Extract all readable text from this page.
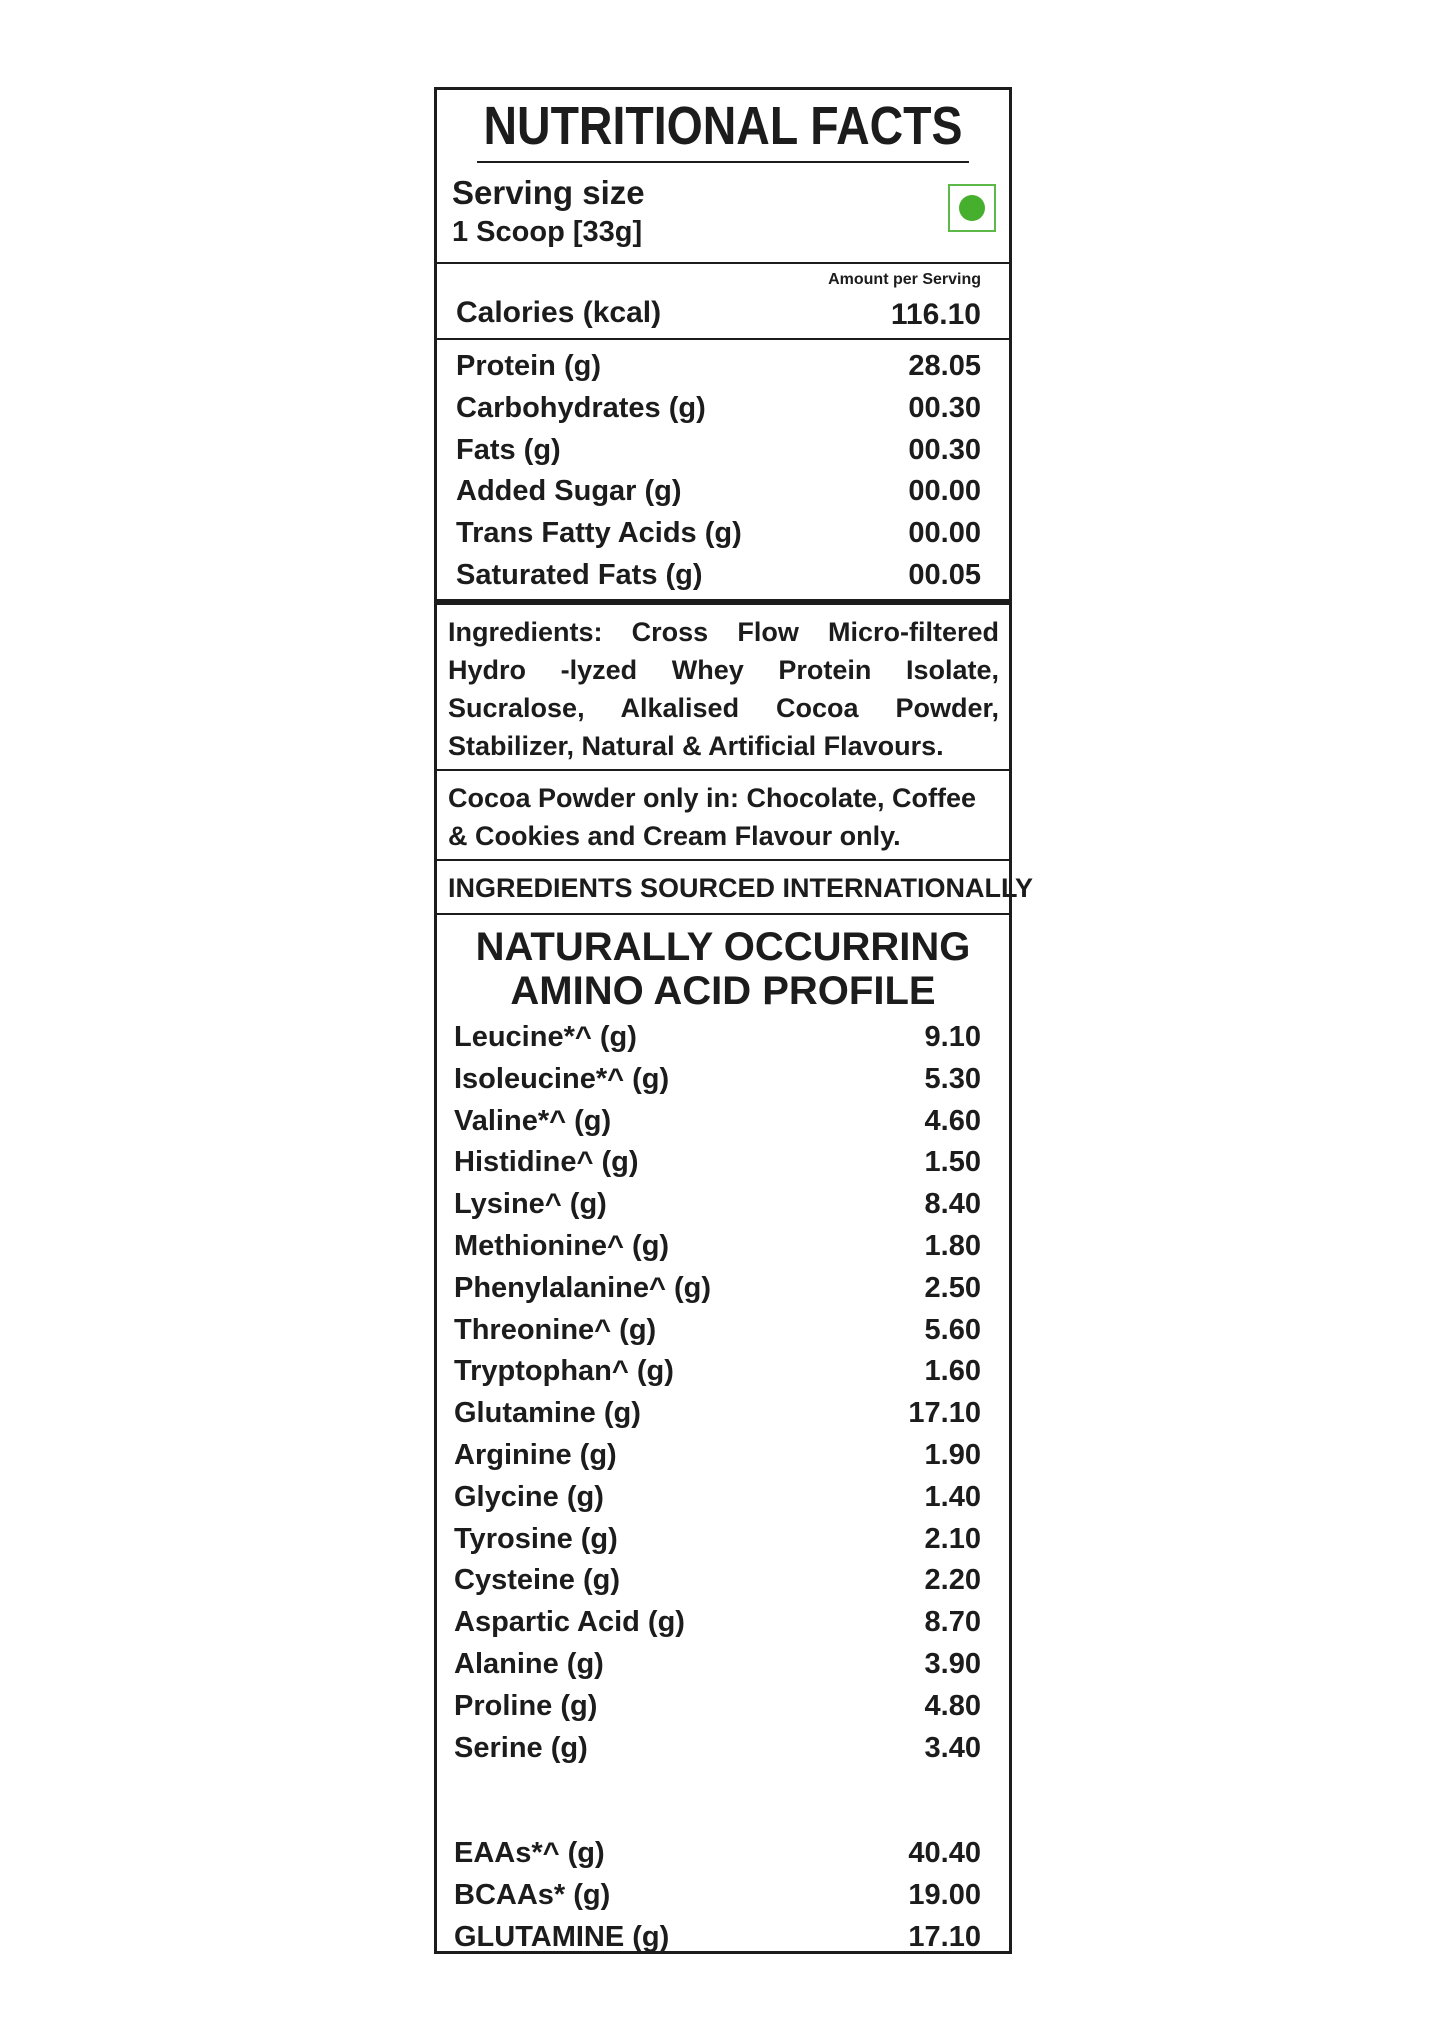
NUTRITIONAL FACTS
Serving size
1 Scoop [33g]
Amount per Serving
Calories (kcal)	116.10
Protein (g)	28.05
Carbohydrates (g)	00.30
Fats (g)	00.30
Added Sugar (g)	00.00
Trans Fatty Acids (g)	00.00
Saturated Fats (g)	00.05
Ingredients: Cross Flow Micro-filtered Hydro -lyzed Whey Protein Isolate, Sucralose, Alkalised Cocoa Powder, Stabilizer, Natural & Artificial Flavours.
Cocoa Powder only in: Chocolate, Coffee & Cookies and Cream Flavour only.
INGREDIENTS SOURCED INTERNATIONALLY
NATURALLY OCCURRING
AMINO ACID PROFILE
Leucine*^ (g)	9.10
Isoleucine*^ (g)	5.30
Valine*^ (g)	4.60
Histidine^ (g)	1.50
Lysine^ (g)	8.40
Methionine^ (g)	1.80
Phenylalanine^ (g)	2.50
Threonine^ (g)	5.60
Tryptophan^ (g)	1.60
Glutamine (g)	17.10
Arginine (g)	1.90
Glycine (g)	1.40
Tyrosine (g)	2.10
Cysteine (g)	2.20
Aspartic Acid (g)	8.70
Alanine (g)	3.90
Proline (g)	4.80
Serine (g)	3.40
EAAs*^ (g)	40.40
BCAAs* (g)	19.00
GLUTAMINE (g)	17.10
